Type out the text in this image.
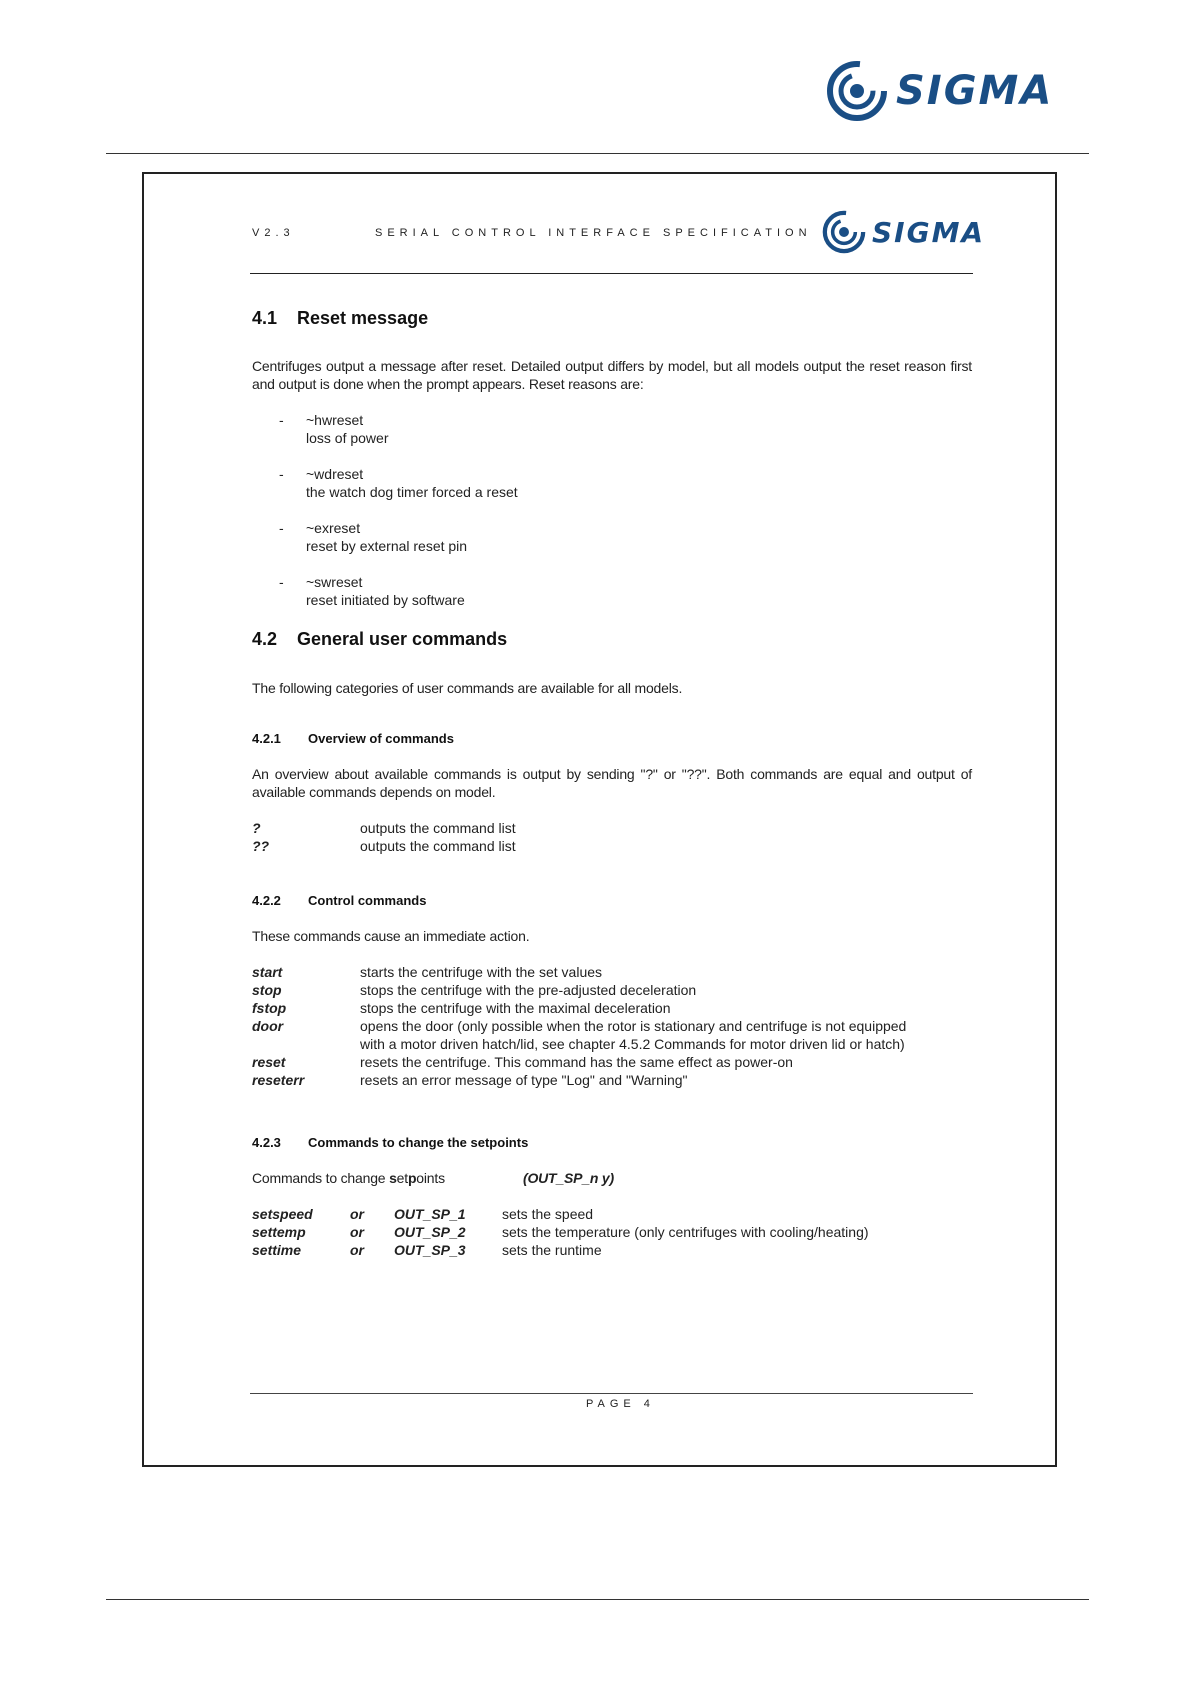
SIGMA
V2.3	SERIAL CONTROL INTERFACE SPECIFICATION SIGMA
4.1 Reset message
Centrifuges output a message after reset. Detailed output differs by model, but all models output the reset reason first and output is done when the prompt appears. Reset reasons are:
- ~hwreset
loss of power
- ~wdreset
the watch dog timer forced a reset
- ~exreset
reset by external reset pin
- ~swreset
reset initiated by software
4.2 General user commands
The following categories of user commands are available for all models.
4.2.1 Overview of commands
An overview about available commands is output by sending "?" or "??". Both commands are equal and output of available commands depends on model.
?	outputs the command list
??	outputs the command list
4.2.2 Control commands
These commands cause an immediate action.
start	starts the centrifuge with the set values
stop	stops the centrifuge with the pre-adjusted deceleration
fstop	stops the centrifuge with the maximal deceleration
door	opens the door (only possible when the rotor is stationary and centrifuge is not equipped
with a motor driven hatch/lid, see chapter 4.5.2 Commands for motor driven lid or hatch)
reset	resets the centrifuge. This command has the same effect as power-on
reseterr	resets an error message of type "Log" and "Warning"
4.2.3 Commands to change the setpoints
Commands to change setpoints	(OUT_SP_n y)
setspeed	or OUT_SP_1	sets the speed
settemp	or OUT_SP_2	sets the temperature (only centrifuges with cooling/heating)
settime	or OUT_SP_3	sets the runtime
PAGE 4
